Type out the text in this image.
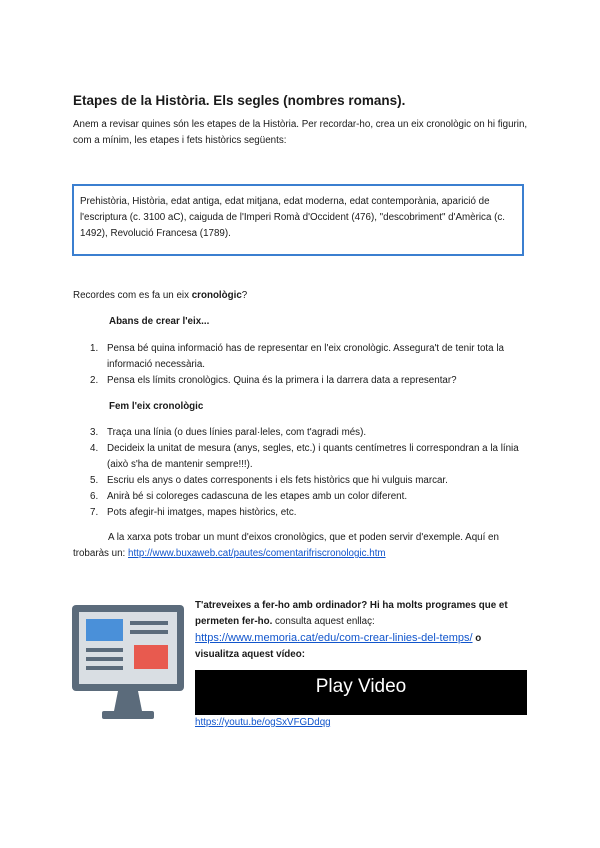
Etapes de la Història. Els segles (nombres romans).
Anem a revisar quines són les etapes de la Història. Per recordar-ho, crea un eix cronològic on hi figurin, com a mínim, les etapes i fets històrics següents:
Prehistòria, Història, edat antiga, edat mitjana, edat moderna, edat contemporània, aparició de l'escriptura (c. 3100 aC), caiguda de l'Imperi Romà d'Occident (476), "descobriment" d'Amèrica (c. 1492), Revolució Francesa (1789).
Recordes com es fa un eix cronològic?
Abans de crear l'eix...
1. Pensa bé quina informació has de representar en l'eix cronològic. Assegura't de tenir tota la informació necessària.
2. Pensa els límits cronològics. Quina és la primera i la darrera data a representar?
Fem l'eix cronològic
3. Traça una línia (o dues línies paral·leles, com t'agradi més).
4. Decideix la unitat de mesura (anys, segles, etc.) i quants centímetres li correspondran a la línia (això s'ha de mantenir sempre!!!).
5. Escriu els anys o dates corresponents i els fets històrics que hi vulguis marcar.
6. Anirà bé si coloreges cadascuna de les etapes amb un color diferent.
7. Pots afegir-hi imatges, mapes històrics, etc.
A la xarxa pots trobar un munt d'eixos cronològics, que et poden servir d'exemple. Aquí en trobaràs un: http://www.buxaweb.cat/pautes/comentarifriscronologic.htm
T'atreveixes a fer-ho amb ordinador? Hi ha molts programes que et permeten fer-ho. consulta aquest enllaç:
https://www.memoria.cat/edu/com-crear-linies-del-temps/ o visualitza aquest vídeo:
Play Video
https://youtu.be/ogSxVFGDdqg
